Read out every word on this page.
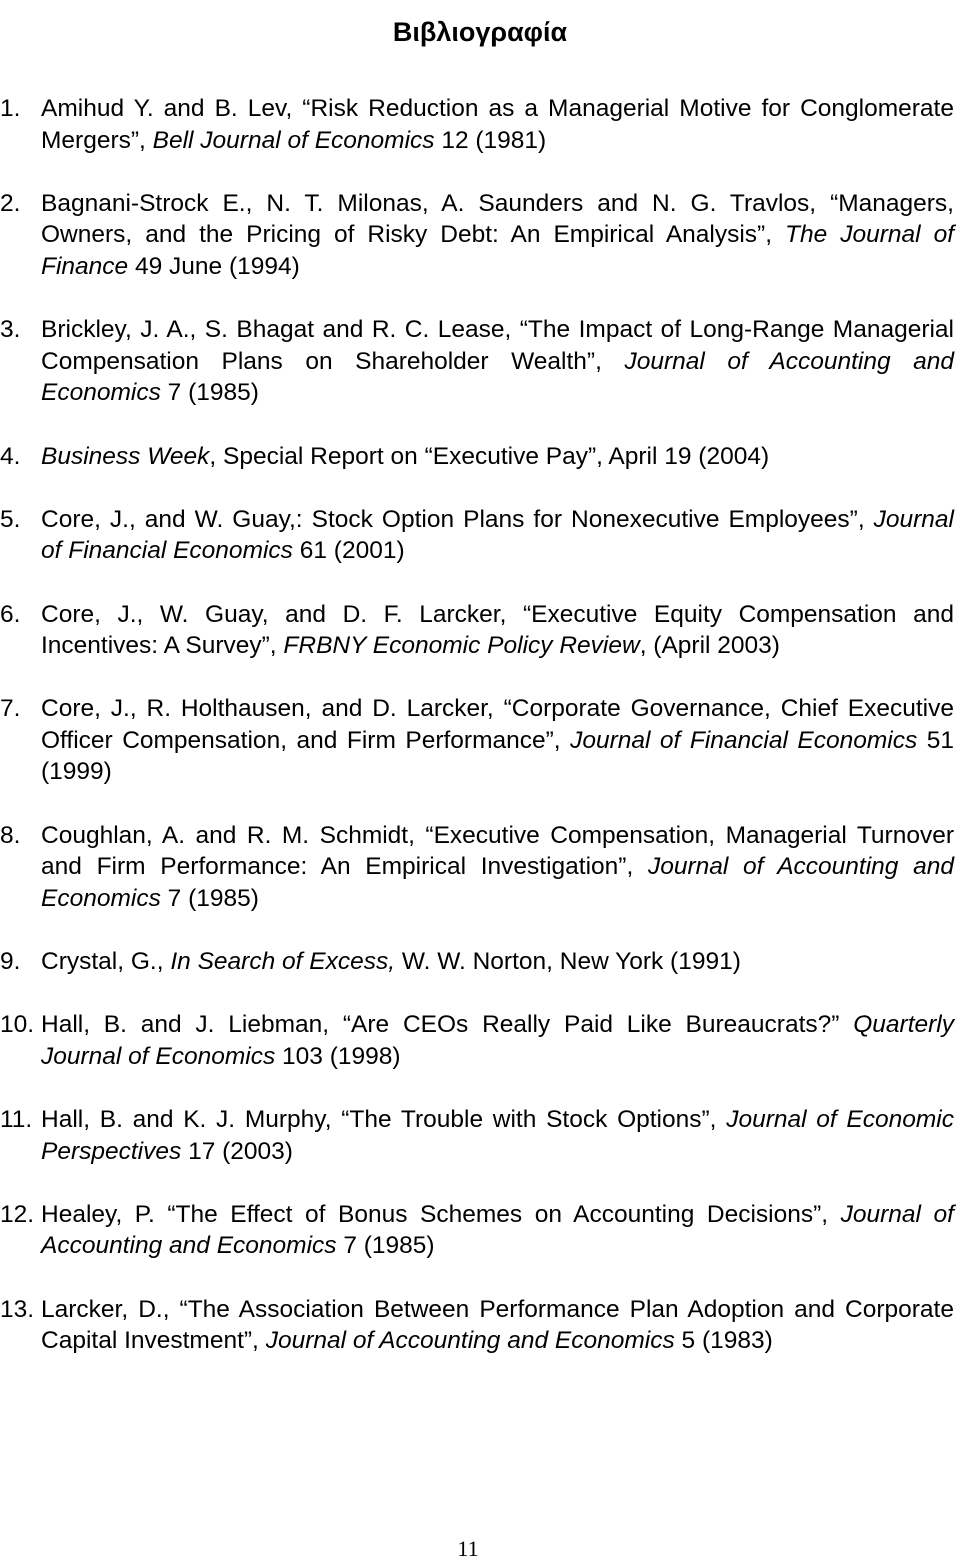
Βιβλιογραφία
1. Amihud Y. and B. Lev, “Risk Reduction as a Managerial Motive for Conglomerate Mergers”, Bell Journal of Economics 12 (1981)
2. Bagnani-Strock E., N. T. Milonas, A. Saunders and N. G. Travlos, “Managers, Owners, and the Pricing of Risky Debt: An Empirical Analysis”, The Journal of Finance 49 June (1994)
3. Brickley, J. A., S. Bhagat and R. C. Lease, “The Impact of Long-Range Managerial Compensation Plans on Shareholder Wealth”, Journal of Accounting and Economics 7 (1985)
4. Business Week, Special Report on “Executive Pay”, April 19 (2004)
5. Core, J., and W. Guay,: Stock Option Plans for Nonexecutive Employees”, Journal of Financial Economics 61 (2001)
6. Core, J., W. Guay, and D. F. Larcker, “Executive Equity Compensation and Incentives: A Survey”, FRBNY Economic Policy Review, (April 2003)
7. Core, J., R. Holthausen, and D. Larcker, “Corporate Governance, Chief Executive Officer Compensation, and Firm Performance”, Journal of Financial Economics 51 (1999)
8. Coughlan, A. and R. M. Schmidt, “Executive Compensation, Managerial Turnover and Firm Performance: An Empirical Investigation”, Journal of Accounting and Economics 7 (1985)
9. Crystal, G., In Search of Excess, W. W. Norton, New York (1991)
10. Hall, B. and J. Liebman, “Are CEOs Really Paid Like Bureaucrats?” Quarterly Journal of Economics 103 (1998)
11. Hall, B. and K. J. Murphy, “The Trouble with Stock Options”, Journal of Economic Perspectives 17 (2003)
12. Healey, P. “The Effect of Bonus Schemes on Accounting Decisions”, Journal of Accounting and Economics 7 (1985)
13. Larcker, D., “The Association Between Performance Plan Adoption and Corporate Capital Investment”, Journal of Accounting and Economics 5 (1983)
11
